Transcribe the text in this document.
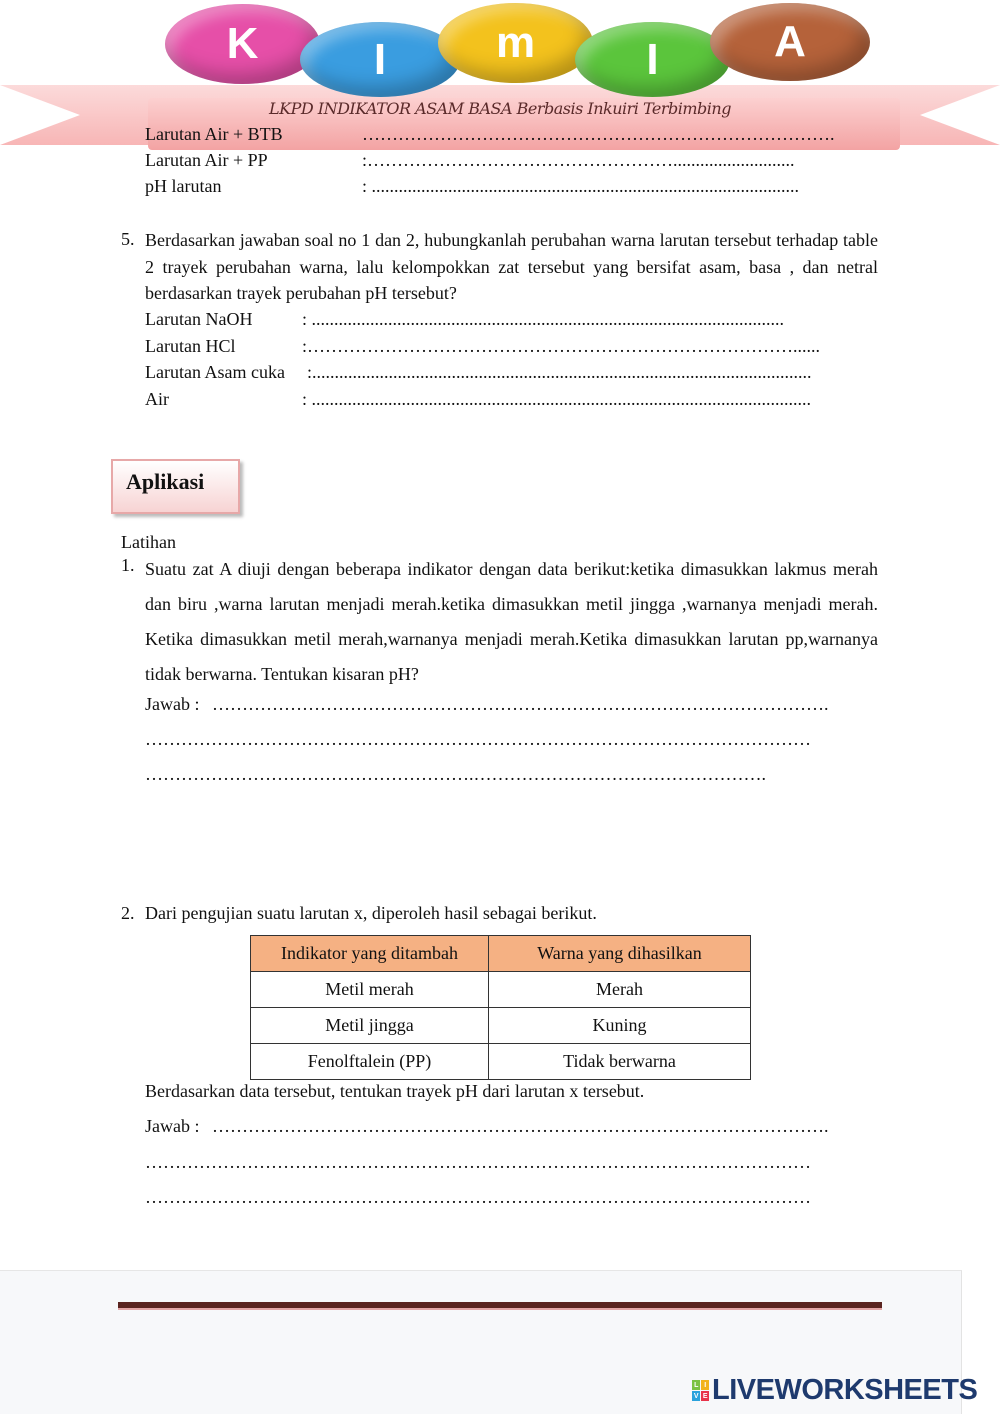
K	I	m	I	A
LKPD INDIKATOR ASAM BASA Berbasis Inkuiri Terbimbing
Larutan Air + BTB	…………………………………………………………………….
Larutan Air + PP	:……………………………………………...........................
pH larutan	: ...............................................................................................
5. Berdasarkan jawaban soal no 1 dan 2, hubungkanlah perubahan warna larutan tersebut terhadap table 2 trayek perubahan warna, lalu kelompokkan zat tersebut yang bersifat asam, basa , dan netral berdasarkan trayek perubahan pH tersebut?
Larutan NaOH	: .........................................................................................................
Larutan HCl	:………………………………………………………………………......
Larutan Asam cuka :...............................................................................................................
Air	: ...............................................................................................................
Aplikasi
Latihan
1. Suatu zat A diuji dengan beberapa indikator dengan data berikut:ketika dimasukkan lakmus merah dan biru ,warna larutan menjadi merah.ketika dimasukkan metil jingga ,warnanya menjadi merah. Ketika dimasukkan metil merah,warnanya menjadi merah.Ketika dimasukkan larutan pp,warnanya tidak berwarna. Tentukan kisaran pH?
Jawab : ………………………………………………………………………………………….
…………………………………………………………………………………………………
……………………………………………….………………………………………….
2. Dari pengujian suatu larutan x, diperoleh hasil sebagai berikut.
Indikator yang ditambah	Warna yang dihasilkan
Metil merah	Merah
Metil jingga	Kuning
Fenolftalein (PP)	Tidak berwarna
Berdasarkan data tersebut, tentukan trayek pH dari larutan x tersebut.
Jawab : ………………………………………………………………………………………….
…………………………………………………………………………………………………
…………………………………………………………………………………………………
L I
V E LIVEWORKSHEETS
